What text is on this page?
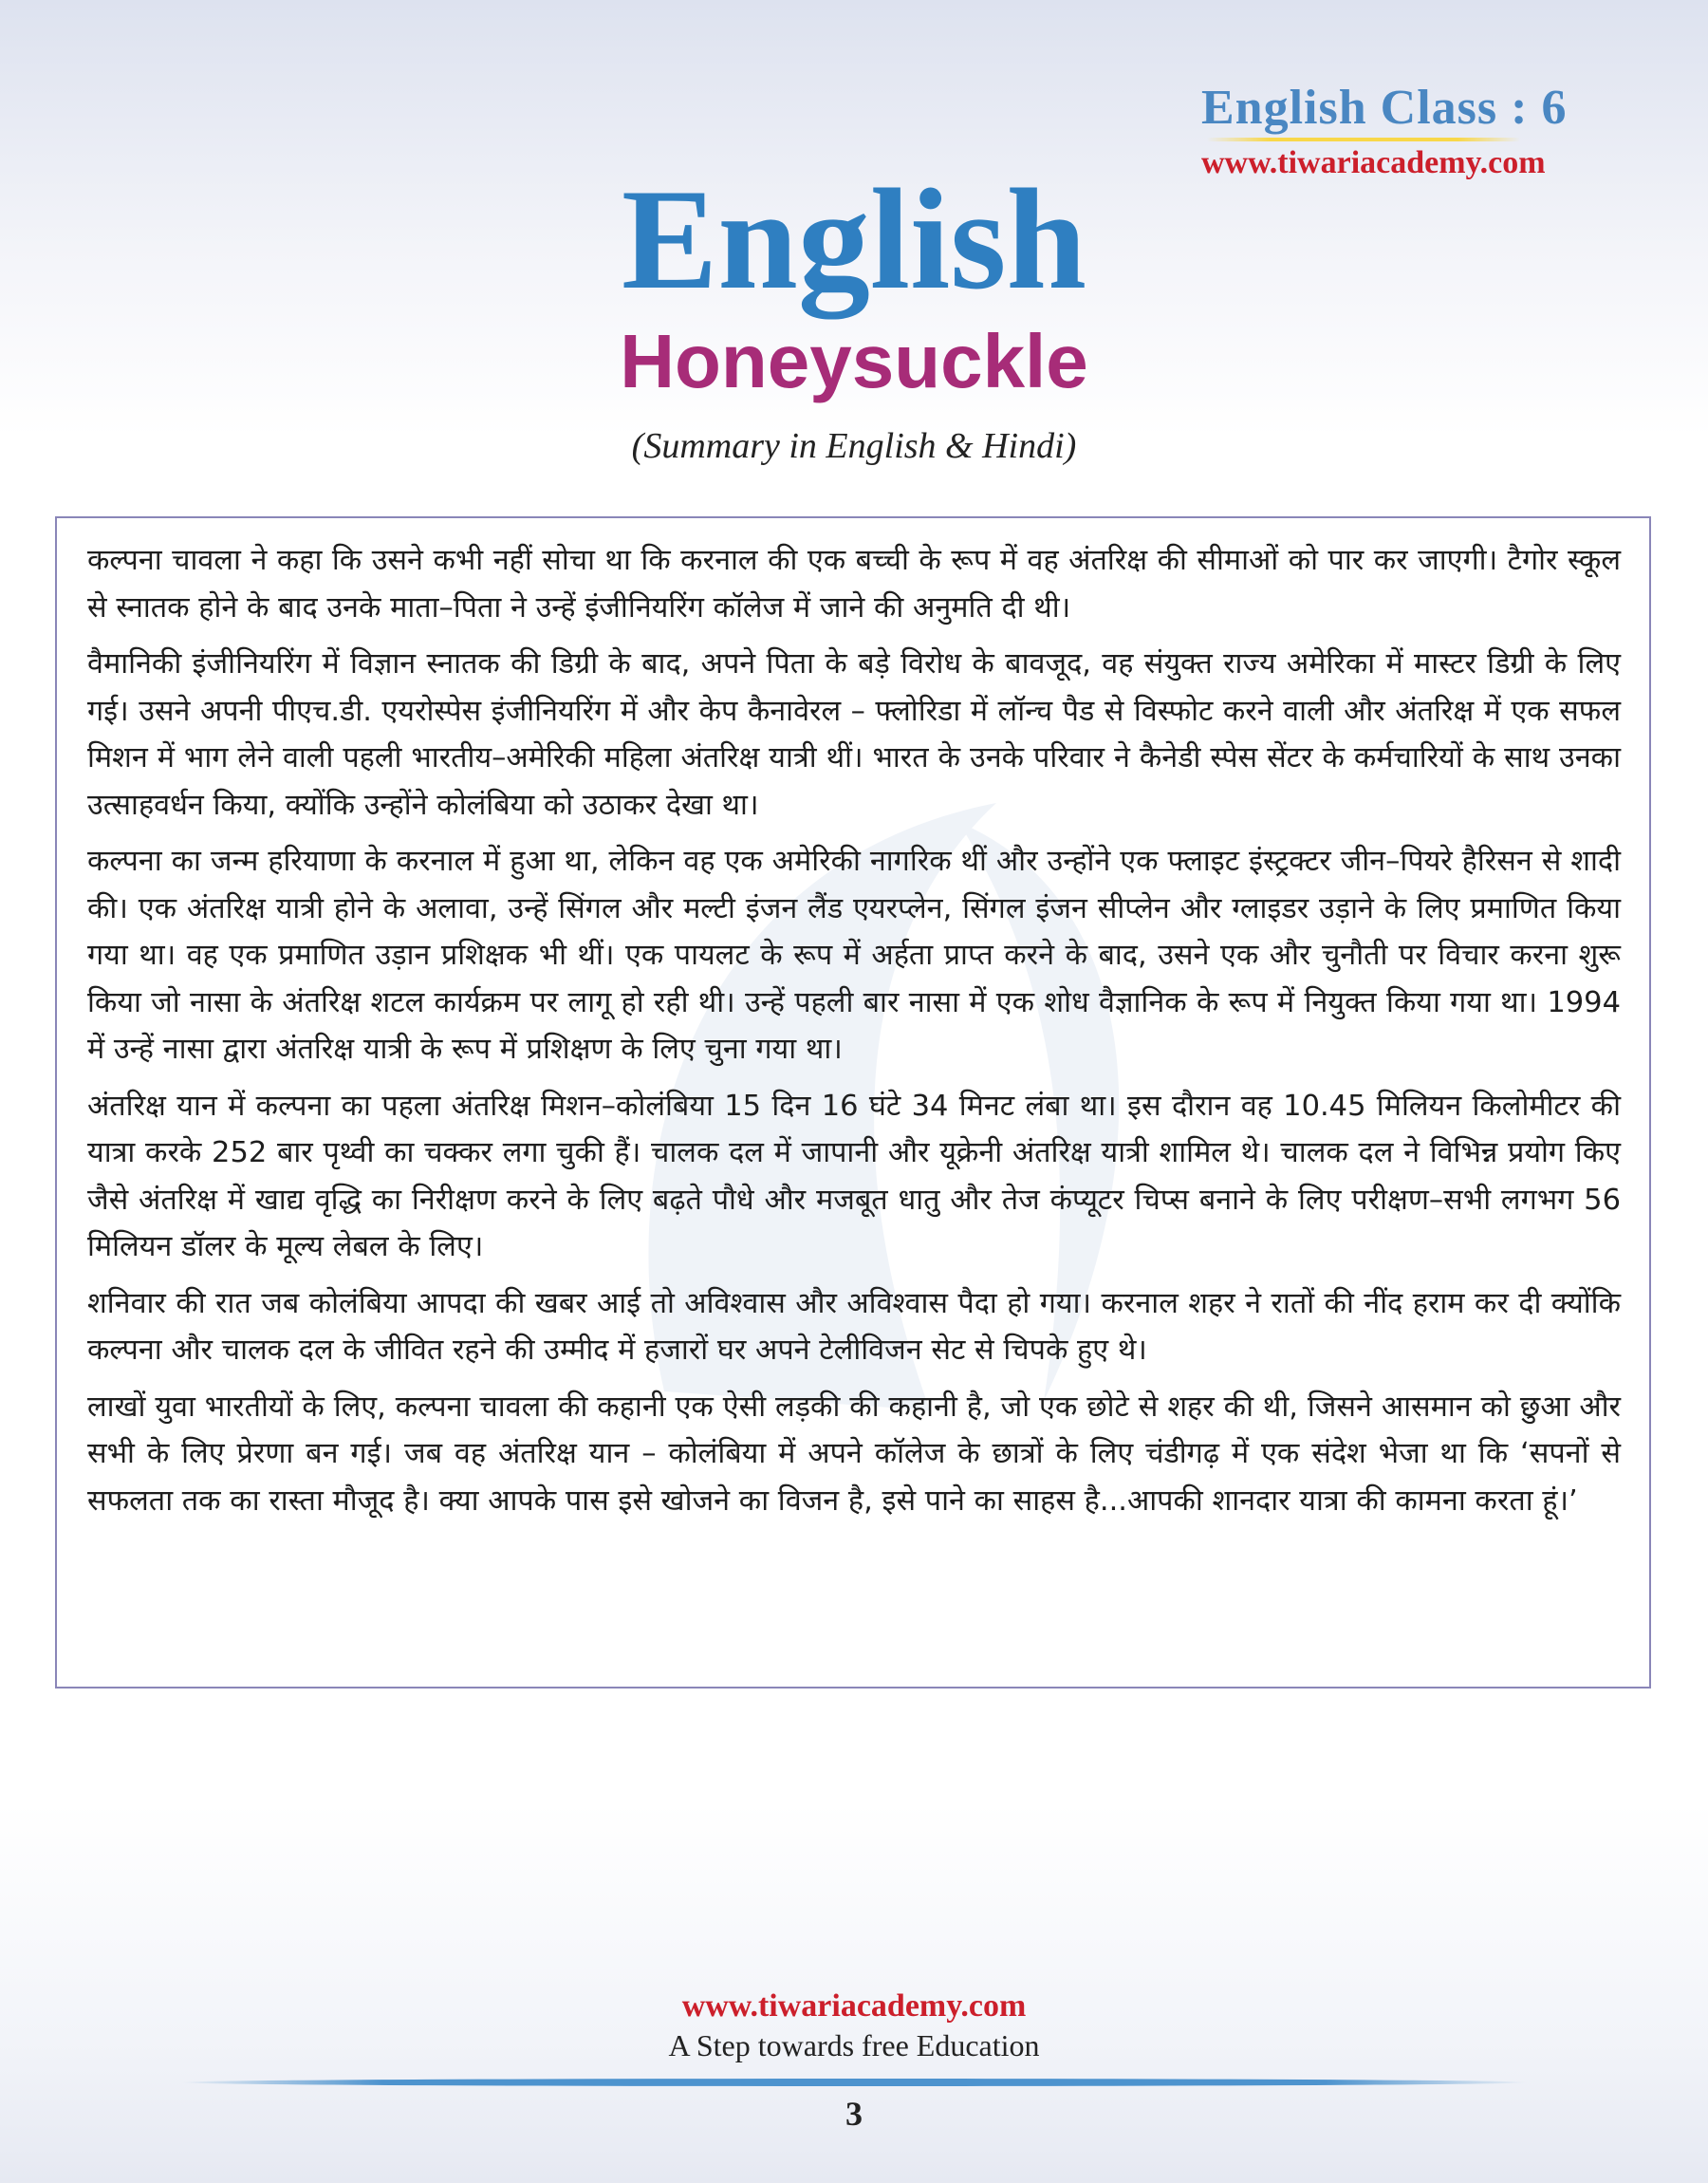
English Class : 6
www.tiwariacademy.com
English
Honeysuckle

(Summary in English & Hindi)

कल्पना चावला ने कहा कि उसने कभी नहीं सोचा था कि करनाल की एक बच्ची के रूप में वह अंतरिक्ष की सीमाओं को पार कर जाएगी। टैगोर स्कूल से स्नातक होने के बाद उनके माता–पिता ने उन्हें इंजीनियरिंग कॉलेज में जाने की अनुमति दी थी।

वैमानिकी इंजीनियरिंग में विज्ञान स्नातक की डिग्री के बाद, अपने पिता के बड़े विरोध के बावजूद, वह संयुक्त राज्य अमेरिका में मास्टर डिग्री के लिए गई। उसने अपनी पीएच.डी. एयरोस्पेस इंजीनियरिंग में और केप कैनावेरल – फ्लोरिडा में लॉन्च पैड से विस्फोट करने वाली और अंतरिक्ष में एक सफल मिशन में भाग लेने वाली पहली भारतीय–अमेरिकी महिला अंतरिक्ष यात्री थीं। भारत के उनके परिवार ने कैनेडी स्पेस सेंटर के कर्मचारियों के साथ उनका उत्साहवर्धन किया, क्योंकि उन्होंने कोलंबिया को उठाकर देखा था।

कल्पना का जन्म हरियाणा के करनाल में हुआ था, लेकिन वह एक अमेरिकी नागरिक थीं और उन्होंने एक फ्लाइट इंस्ट्रक्टर जीन–पियरे हैरिसन से शादी की। एक अंतरिक्ष यात्री होने के अलावा, उन्हें सिंगल और मल्टी इंजन लैंड एयरप्लेन, सिंगल इंजन सीप्लेन और ग्लाइडर उड़ाने के लिए प्रमाणित किया गया था। वह एक प्रमाणित उड़ान प्रशिक्षक भी थीं। एक पायलट के रूप में अर्हता प्राप्त करने के बाद, उसने एक और चुनौती पर विचार करना शुरू किया जो नासा के अंतरिक्ष शटल कार्यक्रम पर लागू हो रही थी। उन्हें पहली बार नासा में एक शोध वैज्ञानिक के रूप में नियुक्त किया गया था। 1994 में उन्हें नासा द्वारा अंतरिक्ष यात्री के रूप में प्रशिक्षण के लिए चुना गया था।

अंतरिक्ष यान में कल्पना का पहला अंतरिक्ष मिशन–कोलंबिया 15 दिन 16 घंटे 34 मिनट लंबा था। इस दौरान वह 10.45 मिलियन किलोमीटर की यात्रा करके 252 बार पृथ्वी का चक्कर लगा चुकी हैं। चालक दल में जापानी और यूक्रेनी अंतरिक्ष यात्री शामिल थे। चालक दल ने विभिन्न प्रयोग किए जैसे अंतरिक्ष में खाद्य वृद्धि का निरीक्षण करने के लिए बढ़ते पौधे और मजबूत धातु और तेज कंप्यूटर चिप्स बनाने के लिए परीक्षण–सभी लगभग 56 मिलियन डॉलर के मूल्य लेबल के लिए।

शनिवार की रात जब कोलंबिया आपदा की खबर आई तो अविश्वास और अविश्वास पैदा हो गया। करनाल शहर ने रातों की नींद हराम कर दी क्योंकि कल्पना और चालक दल के जीवित रहने की उम्मीद में हजारों घर अपने टेलीविजन सेट से चिपके हुए थे।

लाखों युवा भारतीयों के लिए, कल्पना चावला की कहानी एक ऐसी लड़की की कहानी है, जो एक छोटे से शहर की थी, जिसने आसमान को छुआ और सभी के लिए प्रेरणा बन गई। जब वह अंतरिक्ष यान – कोलंबिया में अपने कॉलेज के छात्रों के लिए चंडीगढ़ में एक संदेश भेजा था कि ‘सपनों से सफलता तक का रास्ता मौजूद है। क्या आपके पास इसे खोजने का विजन है, इसे पाने का साहस है...आपकी शानदार यात्रा की कामना करता हूं।’

www.tiwariacademy.com
A Step towards free Education
3
